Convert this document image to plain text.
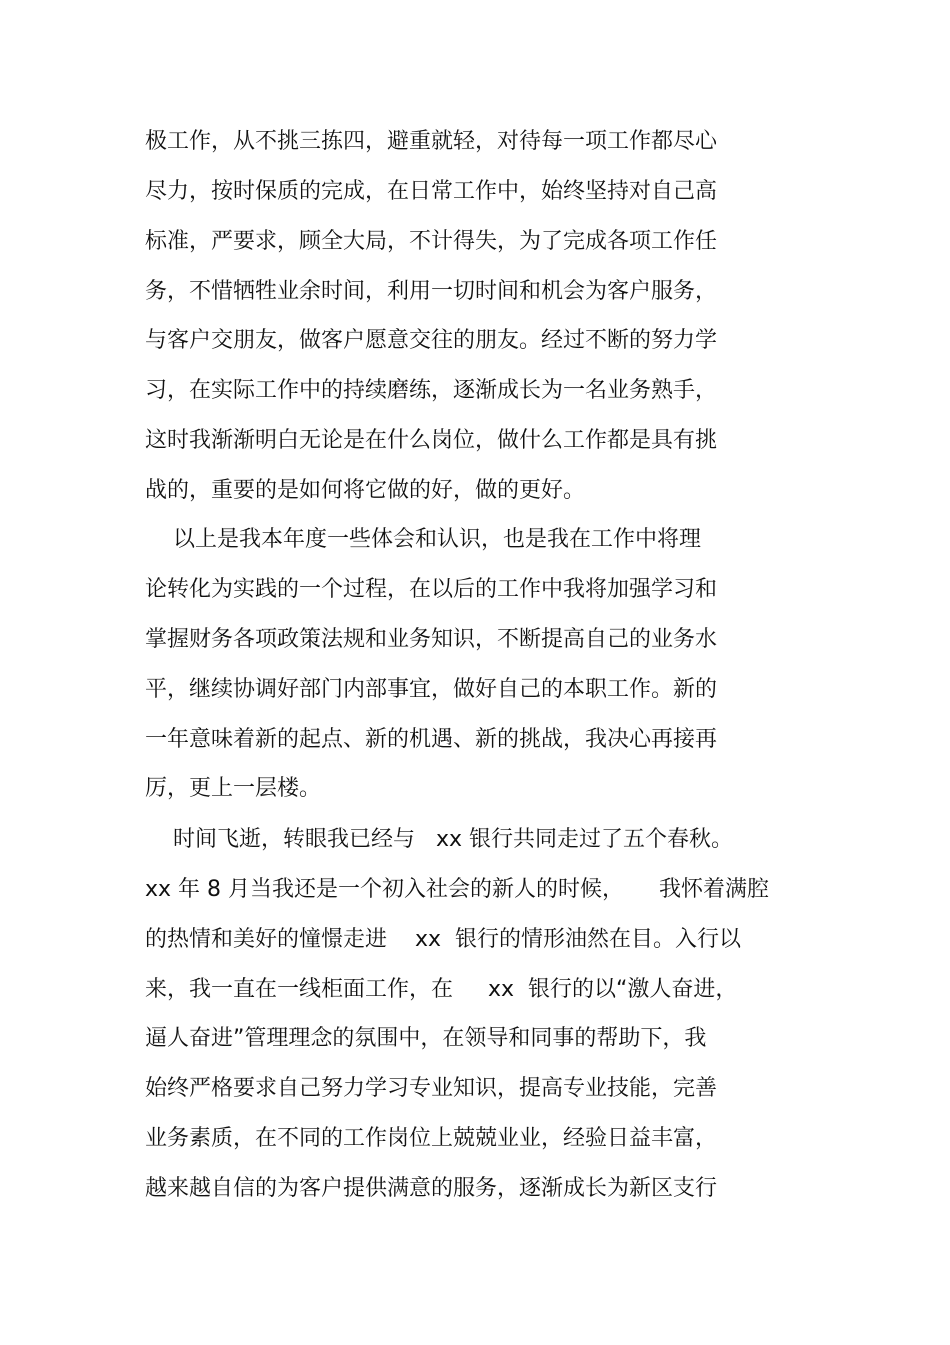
极工作，从不挑三拣四，避重就轻，对待每一项工作都尽心
尽力，按时保质的完成，在日常工作中，始终坚持对自己高
标准，严要求，顾全大局，不计得失，为了完成各项工作任
务，不惜牺牲业余时间，利用一切时间和机会为客户服务，
与客户交朋友，做客户愿意交往的朋友。经过不断的努力学
习，在实际工作中的持续磨练，逐渐成长为一名业务熟手，
这时我渐渐明白无论是在什么岗位，做什么工作都是具有挑
战的，重要的是如何将它做的好，做的更好。
以上是我本年度一些体会和认识，也是我在工作中将理
论转化为实践的一个过程，在以后的工作中我将加强学习和
掌握财务各项政策法规和业务知识，不断提高自己的业务水
平，继续协调好部门内部事宜，做好自己的本职工作。新的
一年意味着新的起点、新的机遇、新的挑战，我决心再接再
厉，更上一层楼。
时间飞逝，转眼我已经与   xx 银行共同走过了五个春秋。
xx 年 8 月当我还是一个初入社会的新人的时候，     我怀着满腔
的热情和美好的憧憬走进    xx  银行的情形油然在目。入行以
来，我一直在一线柜面工作，在     xx  银行的以“激人奋进，
逼人奋进”管理理念的氛围中，在领导和同事的帮助下，我
始终严格要求自己努力学习专业知识，提高专业技能，完善
业务素质，在不同的工作岗位上兢兢业业，经验日益丰富，
越来越自信的为客户提供满意的服务，逐渐成长为新区支行
